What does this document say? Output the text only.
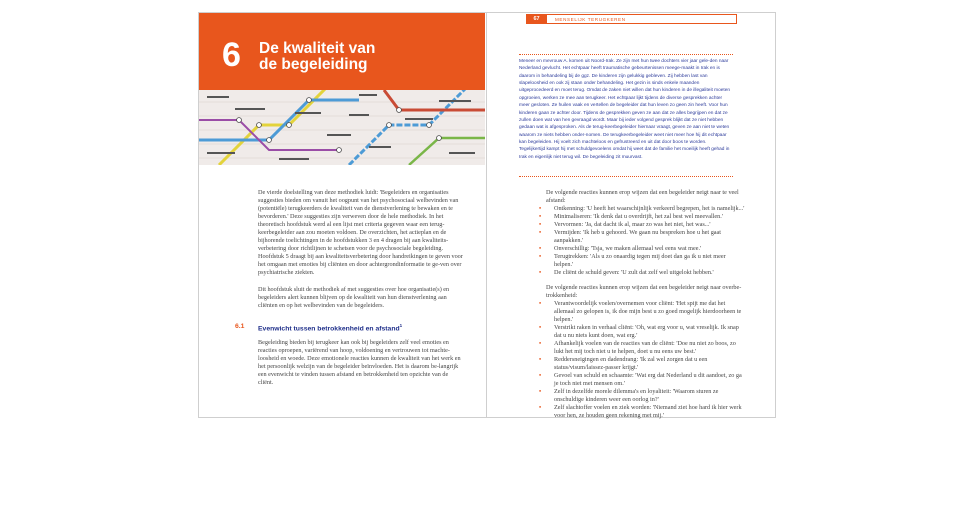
6 De kwaliteit van
de begeleiding

De vierde doelstelling van deze methodiek luidt: 'Begeleiders en organisaties suggesties bieden om vanuit het oogpunt van het psychosociaal welbevinden van (potentiële) terugkeerders de kwaliteit van de dienstverlening te bewaken en te bevorderen.' Deze suggesties zijn verweven door de hele methodiek. In het theoretisch hoofdstuk werd al een lijst met criteria gegeven waar een terug-keerbegeleider aan zou moeten voldoen. De overzichten, het actieplan en de bijhorende toelichtingen in de hoofdstukken 3 en 4 dragen bij aan kwaliteits-verbetering door richtlijnen te schetsen voor de psychosociale begeleiding. Hoofdstuk 5 draagt bij aan kwaliteitsverbetering door handreikingen te geven voor het omgaan met emoties bij cliënten en door achtergrondinformatie te ge-ven over psychiatrische ziekten.

Dit hoofdstuk sluit de methodiek af met suggesties over hoe organisatie(s) en begeleiders alert kunnen blijven op de kwaliteit van hun dienstverlening aan cliënten en op het welbevinden van de begeleiders.

6.1 Evenwicht tussen betrokkenheid en afstand$^1$

Begeleiding bieden bij terugkeer kan ook bij begeleiders zelf veel emoties en reacties oproepen, variërend van hoop, voldoening en vertrouwen tot machte-loosheid en woede. Deze emotionele reacties kunnen de kwaliteit van het werk en het persoonlijk welzijn van de begeleider beïnvloeden. Het is daarom be-langrijk een evenwicht te vinden tussen afstand en betrokkenheid ten opzichte van de cliënt.

67	MENSELIJK TERUGKEREN

Meneer en mevrouw A. komen uit Noord-Irak. Ze zijn met hun twee dochters vier jaar gele-den naar Nederland gevlucht. Het echtpaar heeft traumatische gebeurtenissen meege-maakt in Irak en is daarom in behandeling bij de ggz. De kinderen zijn gelukkig gebleven. Zij hebben last van slapeloosheid en ook zij staan onder behandeling. Het gezin is sinds enkele maanden uitgeprocedeerd en moet terug. Omdat de zaken niet willen dat hun kinderen in de illegaliteit moeten opgroeien, werken ze mee aan terugkeer. Het echtpaar lijkt tijdens de diverse gesprekken achter meer gesloten. Ze huilen vaak en vertellen de begeleider dat hun leven zo geen zin heeft. Voor hun kinderen gaan ze achter door. Tijdens de gesprekken geven ze aan dat ze alles begrijpen en dat ze zullen doen wat van hen gevraagd wordt. Maar bij ieder volgend gesprek blijkt dat ze niet hebben gedaan wat is afgesproken. Als de terug-keerbegeleider hiernaar vraagt, geven ze aan niet te weten waarom ze niets hebben onder-nomen. De terugkeerbegeleider weet niet meer hoe hij dit echtpaar kan begeleiden. Hij voelt zich machteloos en gefrustreerd en uit dat door boos te worden. Tegelijkertijd kampt hij met schuldgevoelens omdat hij weet dat de familie het moeilijk heeft gehad in Irak en eigenlijk niet terug wil. De begeleiding zit muurvast.

De volgende reacties kunnen erop wijzen dat een begeleider neigt naar te veel afstand:

• Ontkenning: 'U heeft het waarschijnlijk verkeerd begrepen, het is namelijk...'
• Minimaliseren: 'Ik denk dat u overdrijft, het zal best wel meevallen.'
• Vervormen: 'Ja, dat dacht ik al, maar zo was het niet, het was...'
• Vermijden: 'Ik heb u gehoord. We gaan nu bespreken hoe u het gaat aanpakken.'
• Onverschillig: 'Tsja, we maken allemaal wel eens wat mee.'
• Terugtrekken: 'Als u zo onaardig tegen mij doet dan ga ik u niet meer helpen.'
• De cliënt de schuld geven: 'U zult dat zelf wel uitgelokt hebben.'

De volgende reacties kunnen erop wijzen dat een begeleider neigt naar overbe-trokkenheid:

• Verantwoordelijk voelen/overnemen voor cliënt: 'Het spijt me dat het allemaal zo gelopen is, ik doe mijn best u zo goed mogelijk hierdoorheen te helpen.'
• Verstrikt raken in verhaal cliënt: 'Oh, wat erg voor u, wat vreselijk. Ik snap dat u nu niets kunt doen, wat erg.'
• Afhankelijk voelen van de reacties van de cliënt: 'Doe nu niet zo boos, zo lukt het mij toch niet u te helpen, doet u nu eens uw best.'
• Reddersneigingen en dadendrang: 'Ik zal wel zorgen dat u een status/visum/laissez-passer krijgt.'
• Gevoel van schuld en schaamte: 'Wat erg dat Nederland u dit aandoet, zo ga je toch niet met mensen om.'
• Zelf in dezelfde morele dilemma's en loyaliteit: 'Waarom sturen ze onschuldige kinderen weer een oorlog in?'
• Zelf slachtoffer voelen en ziek worden: 'Niemand ziet hoe hard ik hier werk voor hen, ze houden geen rekening met mij.'
